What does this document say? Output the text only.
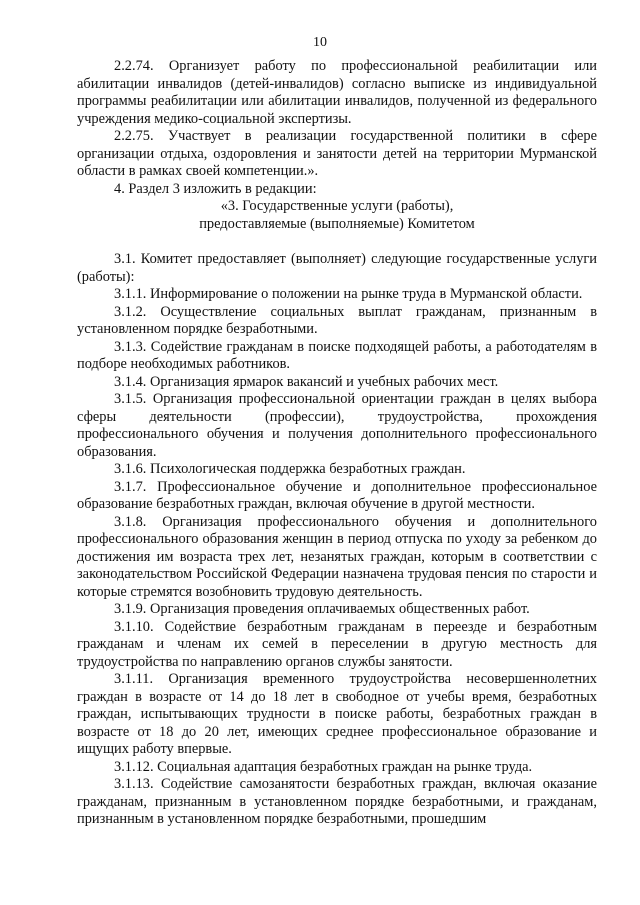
10

2.2.74. Организует работу по профессиональной реабилитации или абилитации инвалидов (детей-инвалидов) согласно выписке из индивидуальной программы реабилитации или абилитации инвалидов, полученной из федерального учреждения медико-социальной экспертизы.

2.2.75. Участвует в реализации государственной политики в сфере организации отдыха, оздоровления и занятости детей на территории Мурманской области в рамках своей компетенции.».

4. Раздел 3 изложить в редакции:

«3. Государственные услуги (работы),

предоставляемые (выполняемые) Комитетом

3.1. Комитет предоставляет (выполняет) следующие государственные услуги (работы):

3.1.1. Информирование о положении на рынке труда в Мурманской области.

3.1.2. Осуществление социальных выплат гражданам, признанным в установленном порядке безработными.

3.1.3. Содействие гражданам в поиске подходящей работы, а работодателям в подборе необходимых работников.

3.1.4. Организация ярмарок вакансий и учебных рабочих мест.

3.1.5. Организация профессиональной ориентации граждан в целях выбора сферы деятельности (профессии), трудоустройства, прохождения профессионального обучения и получения дополнительного профессионального образования.

3.1.6. Психологическая поддержка безработных граждан.

3.1.7. Профессиональное обучение и дополнительное профессиональное образование безработных граждан, включая обучение в другой местности.

3.1.8. Организация профессионального обучения и дополнительного профессионального образования женщин в период отпуска по уходу за ребенком до достижения им возраста трех лет, незанятых граждан, которым в соответствии с законодательством Российской Федерации назначена трудовая пенсия по старости и которые стремятся возобновить трудовую деятельность.

3.1.9. Организация проведения оплачиваемых общественных работ.

3.1.10. Содействие безработным гражданам в переезде и безработным гражданам и членам их семей в переселении в другую местность для трудоустройства по направлению органов службы занятости.

3.1.11. Организация временного трудоустройства несовершеннолетних граждан в возрасте от 14 до 18 лет в свободное от учебы время, безработных граждан, испытывающих трудности в поиске работы, безработных граждан в возрасте от 18 до 20 лет, имеющих среднее профессиональное образование и ищущих работу впервые.

3.1.12. Социальная адаптация безработных граждан на рынке труда.

3.1.13. Содействие самозанятости безработных граждан, включая оказание гражданам, признанным в установленном порядке безработными, и гражданам, признанным в установленном порядке безработными, прошедшим
